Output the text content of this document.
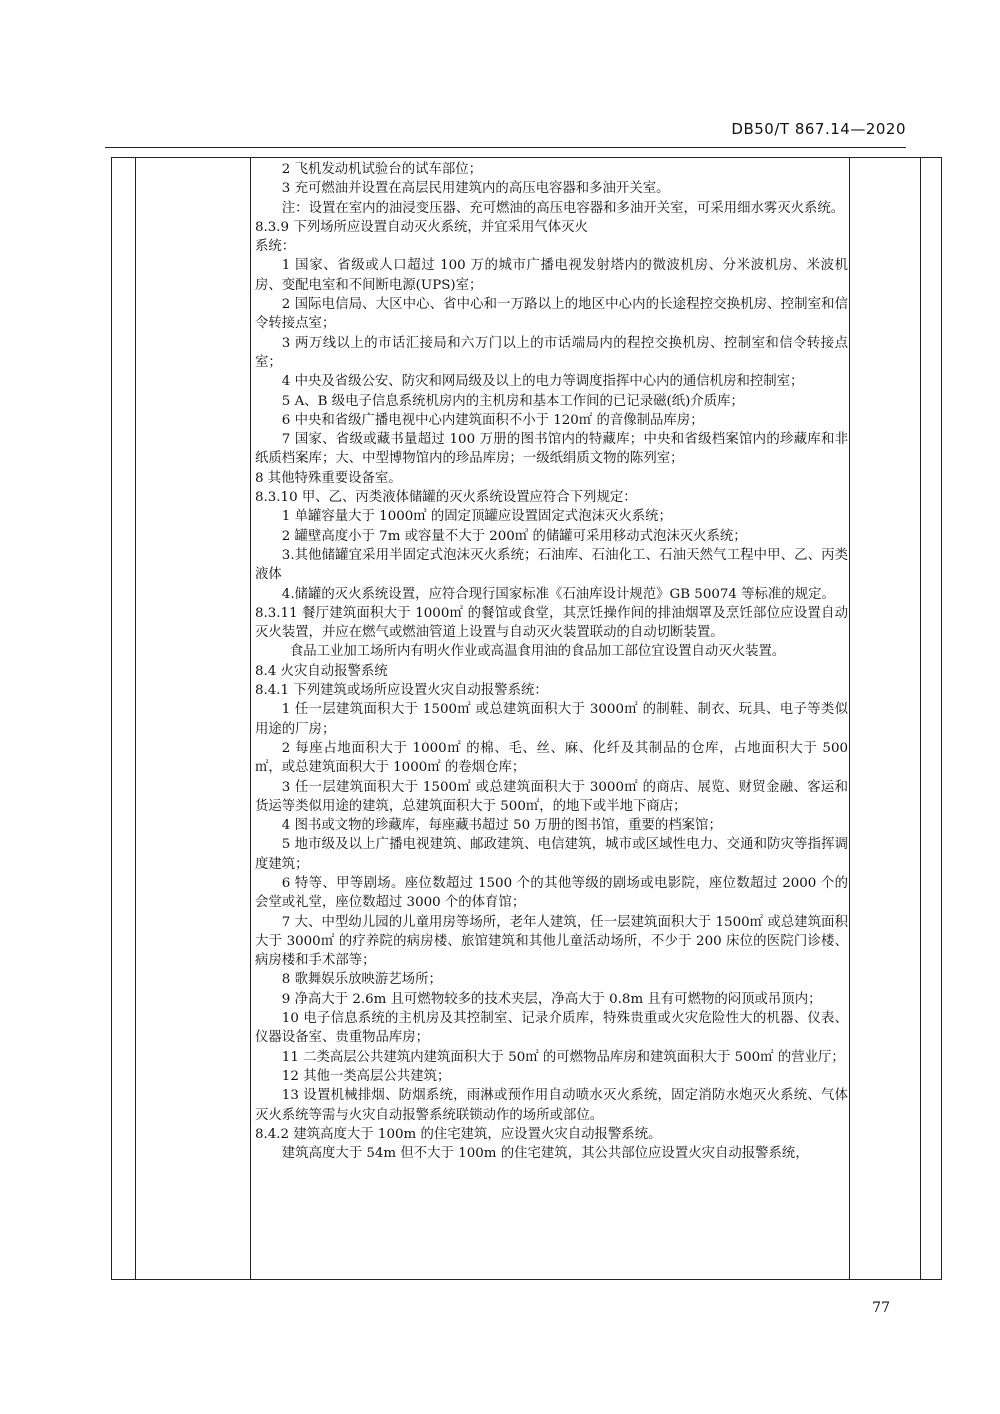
DB50/T 867.14—2020

2 飞机发动机试验台的试车部位；

3 充可燃油并设置在高层民用建筑内的高压电容器和多油开关室。

注：设置在室内的油浸变压器、充可燃油的高压电容器和多油开关室，可采用细水雾灭火系统。

8.3.9 下列场所应设置自动灭火系统，并宜采用气体灭火

系统：

1 国家、省级或人口超过 100 万的城市广播电视发射塔内的微波机房、分米波机房、米波机房、变配电室和不间断电源(UPS)室；

2 国际电信局、大区中心、省中心和一万路以上的地区中心内的长途程控交换机房、控制室和信令转接点室；

3 两万线以上的市话汇接局和六万门以上的市话端局内的程控交换机房、控制室和信令转接点室；

4 中央及省级公安、防灾和网局级及以上的电力等调度指挥中心内的通信机房和控制室；

5 A、B 级电子信息系统机房内的主机房和基本工作间的已记录磁(纸)介质库；

6 中央和省级广播电视中心内建筑面积不小于 120㎡ 的音像制品库房；

7 国家、省级或藏书量超过 100 万册的图书馆内的特藏库；中央和省级档案馆内的珍藏库和非纸质档案库；大、中型博物馆内的珍品库房；一级纸绢质文物的陈列室；

8 其他特殊重要设备室。

8.3.10 甲、乙、丙类液体储罐的灭火系统设置应符合下列规定：

1 单罐容量大于 1000㎥ 的固定顶罐应设置固定式泡沫灭火系统；

2 罐壁高度小于 7m 或容量不大于 200㎥ 的储罐可采用移动式泡沫灭火系统；

3.其他储罐宜采用半固定式泡沫灭火系统；石油库、石油化工、石油天然气工程中甲、乙、丙类液体

4.储罐的灭火系统设置，应符合现行国家标准《石油库设计规范》GB 50074 等标准的规定。

8.3.11 餐厅建筑面积大于 1000㎡ 的餐馆或食堂，其烹饪操作间的排油烟罩及烹饪部位应设置自动灭火装置，并应在燃气或燃油管道上设置与自动灭火装置联动的自动切断装置。

食品工业加工场所内有明火作业或高温食用油的食品加工部位宜设置自动灭火装置。

8.4 火灾自动报警系统

8.4.1 下列建筑或场所应设置火灾自动报警系统：

1 任一层建筑面积大于 1500㎡ 或总建筑面积大于 3000㎡ 的制鞋、制衣、玩具、电子等类似用途的厂房；

2 每座占地面积大于 1000㎡ 的棉、毛、丝、麻、化纤及其制品的仓库，占地面积大于 500㎡，或总建筑面积大于 1000㎡ 的卷烟仓库；

3 任一层建筑面积大于 1500㎡ 或总建筑面积大于 3000㎡ 的商店、展览、财贸金融、客运和货运等类似用途的建筑，总建筑面积大于 500㎡，的地下或半地下商店；

4 图书或文物的珍藏库，每座藏书超过 50 万册的图书馆，重要的档案馆；

5 地市级及以上广播电视建筑、邮政建筑、电信建筑，城市或区域性电力、交通和防灾等指挥调度建筑；

6 特等、甲等剧场。座位数超过 1500 个的其他等级的剧场或电影院，座位数超过 2000 个的会堂或礼堂，座位数超过 3000 个的体育馆；

7 大、中型幼儿园的儿童用房等场所，老年人建筑，任一层建筑面积大于 1500㎡ 或总建筑面积大于 3000㎡ 的疗养院的病房楼、旅馆建筑和其他儿童活动场所，不少于 200 床位的医院门诊楼、病房楼和手术部等；

8 歌舞娱乐放映游艺场所；

9 净高大于 2.6m 且可燃物较多的技术夹层，净高大于 0.8m 且有可燃物的闷顶或吊顶内；

10 电子信息系统的主机房及其控制室、记录介质库，特殊贵重或火灾危险性大的机器、仪表、仪器设备室、贵重物品库房；

11 二类高层公共建筑内建筑面积大于 50㎡ 的可燃物品库房和建筑面积大于 500㎡ 的营业厅；

12 其他一类高层公共建筑；

13 设置机械排烟、防烟系统，雨淋或预作用自动喷水灭火系统，固定消防水炮灭火系统、气体灭火系统等需与火灾自动报警系统联锁动作的场所或部位。

8.4.2 建筑高度大于 100m 的住宅建筑，应设置火灾自动报警系统。

建筑高度大于 54m 但不大于 100m 的住宅建筑，其公共部位应设置火灾自动报警系统，

77
